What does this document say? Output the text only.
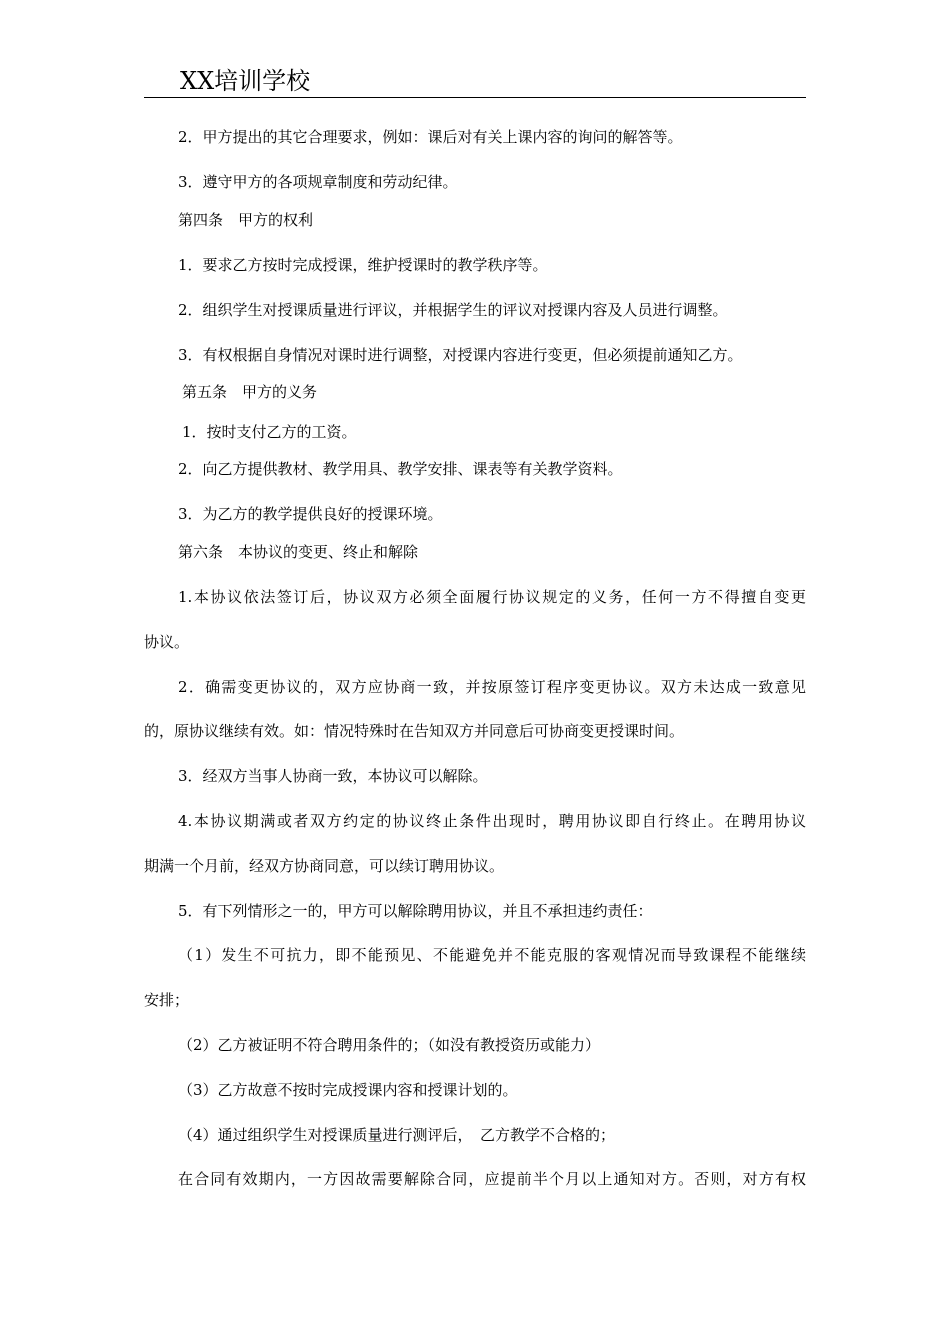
XX培训学校
2．甲方提出的其它合理要求，例如：课后对有关上课内容的询问的解答等。
3．遵守甲方的各项规章制度和劳动纪律。
第四条　甲方的权利
1．要求乙方按时完成授课，维护授课时的教学秩序等。
2．组织学生对授课质量进行评议，并根据学生的评议对授课内容及人员进行调整。
3．有权根据自身情况对课时进行调整，对授课内容进行变更，但必须提前通知乙方。
第五条　甲方的义务
1．按时支付乙方的工资。
2．向乙方提供教材、教学用具、教学安排、课表等有关教学资料。
3．为乙方的教学提供良好的授课环境。
第六条　本协议的变更、终止和解除
1.本协议依法签订后，协议双方必须全面履行协议规定的义务，任何一方不得擅自变更
协议。
2．确需变更协议的，双方应协商一致，并按原签订程序变更协议。双方未达成一致意见
的，原协议继续有效。如：情况特殊时在告知双方并同意后可协商变更授课时间。
3．经双方当事人协商一致，本协议可以解除。
4.本协议期满或者双方约定的协议终止条件出现时，聘用协议即自行终止。在聘用协议
期满一个月前，经双方协商同意，可以续订聘用协议。
5．有下列情形之一的，甲方可以解除聘用协议，并且不承担违约责任：
（1）发生不可抗力，即不能预见、不能避免并不能克服的客观情况而导致课程不能继续
安排；
（2）乙方被证明不符合聘用条件的；（如没有教授资历或能力）
（3）乙方故意不按时完成授课内容和授课计划的。
（4）通过组织学生对授课质量进行测评后，　乙方教学不合格的；
在合同有效期内，一方因故需要解除合同，应提前半个月以上通知对方。否则，对方有权
